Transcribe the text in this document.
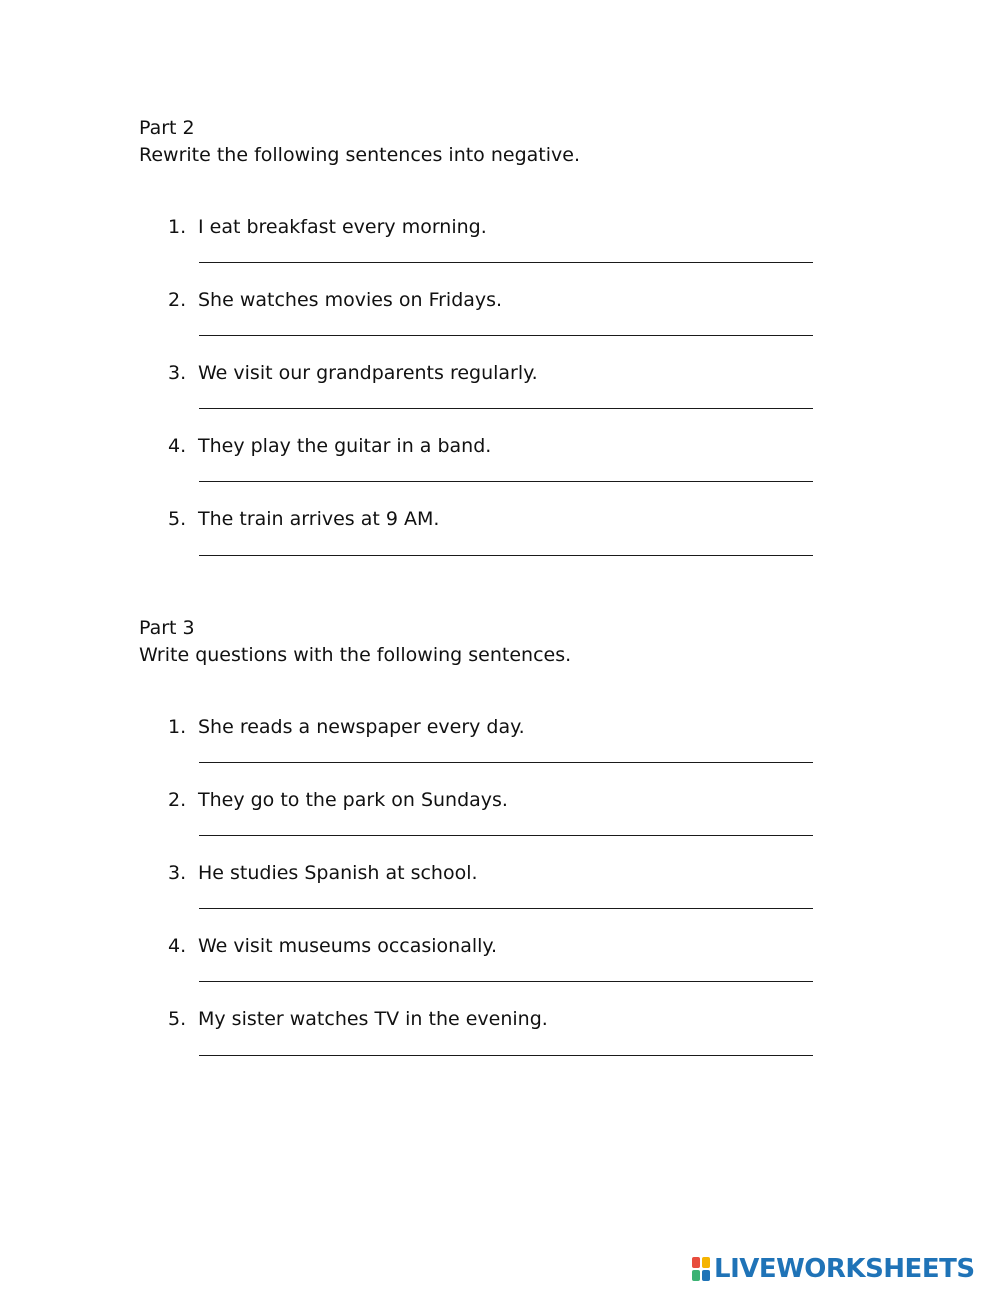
Part 2
Rewrite the following sentences into negative.
1. I eat breakfast every morning.
2. She watches movies on Fridays.
3. We visit our grandparents regularly.
4. They play the guitar in a band.
5. The train arrives at 9 AM.
Part 3
Write questions with the following sentences.
1. She reads a newspaper every day.
2. They go to the park on Sundays.
3. He studies Spanish at school.
4. We visit museums occasionally.
5. My sister watches TV in the evening.
LIVEWORKSHEETS
